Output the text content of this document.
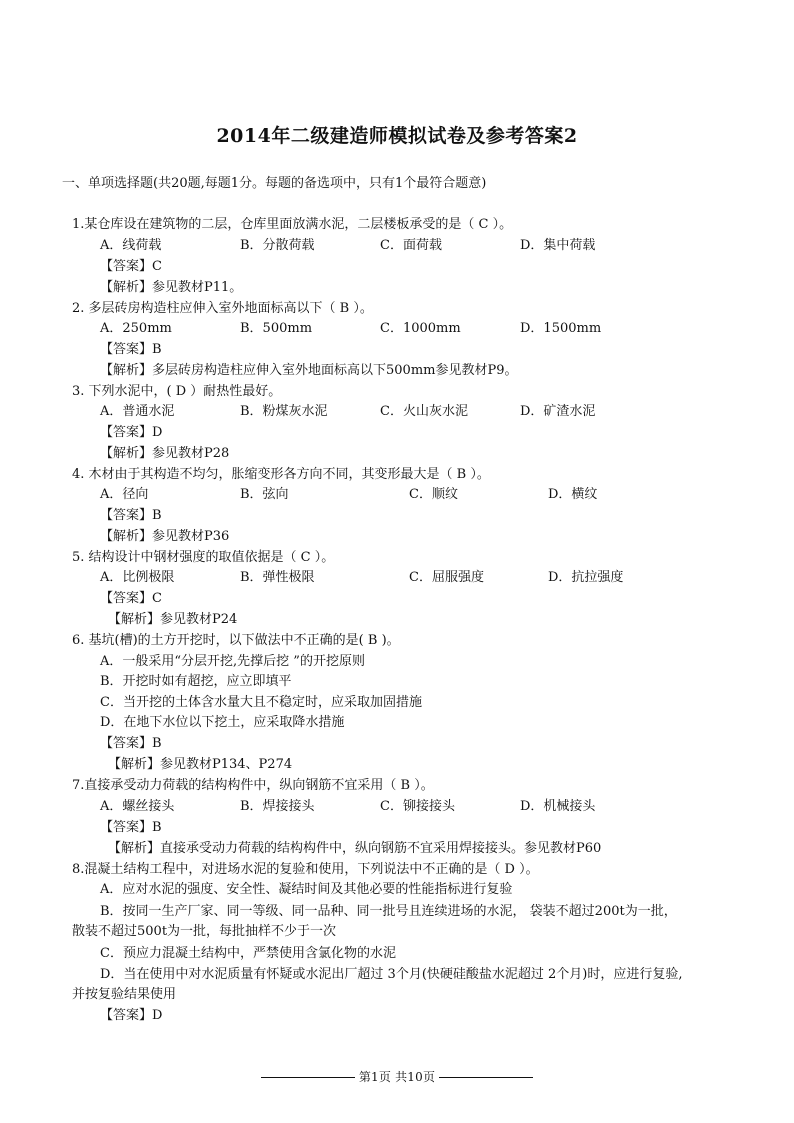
2014年二级建造师模拟试卷及参考答案2
一、单项选择题(共20题,每题1分。每题的备选项中，只有1个最符合题意)
1.某仓库设在建筑物的二层，仓库里面放满水泥，二层楼板承受的是（ C ）。
A．线荷载	B．分散荷载	C．面荷载	D．集中荷载
【答案】C
【解析】参见教材P11。
2. 多层砖房构造柱应伸入室外地面标高以下（ B ）。
A．250mm	B．500mm	C．1000mm	D．1500mm
【答案】B
【解析】多层砖房构造柱应伸入室外地面标高以下500mm参见教材P9。
3. 下列水泥中，( D ）耐热性最好。
A．普通水泥	B．粉煤灰水泥	C．火山灰水泥	D．矿渣水泥
【答案】D
【解析】参见教材P28
4. 木材由于其构造不均匀，胀缩变形各方向不同，其变形最大是（ B ）。
A．径向	B．弦向	C．顺纹	D．横纹
【答案】B
【解析】参见教材P36
5. 结构设计中钢材强度的取值依据是（ C ）。
A．比例极限	B．弹性极限	C．屈服强度	D．抗拉强度
【答案】C
【解析】参见教材P24
6. 基坑(槽)的土方开挖时，以下做法中不正确的是( B )。
A．一般采用“分层开挖,先撑后挖 ”的开挖原则
B．开挖时如有超挖，应立即填平
C．当开挖的土体含水量大且不稳定时，应采取加固措施
D．在地下水位以下挖土，应采取降水措施
【答案】B
【解析】参见教材P134、P274
7.直接承受动力荷载的结构构件中，纵向钢筋不宜采用（ B ）。
A．螺丝接头	B．焊接接头	C．铆接接头	D．机械接头
【答案】B
【解析】直接承受动力荷载的结构构件中，纵向钢筋不宜采用焊接接头。参见教材P60
8.混凝土结构工程中，对进场水泥的复验和使用，下列说法中不正确的是（ D ）。
A．应对水泥的强度、安全性、凝结时间及其他必要的性能指标进行复验
B．按同一生产厂家、同一等级、同一品种、同一批号且连续进场的水泥， 袋装不超过200t为一批，
散装不超过500t为一批，每批抽样不少于一次
C．预应力混凝土结构中，严禁使用含氯化物的水泥
D．当在使用中对水泥质量有怀疑或水泥出厂超过 3个月(快硬硅酸盐水泥超过 2个月)时，应进行复验,
并按复验结果使用
【答案】D
第1页 共10页
